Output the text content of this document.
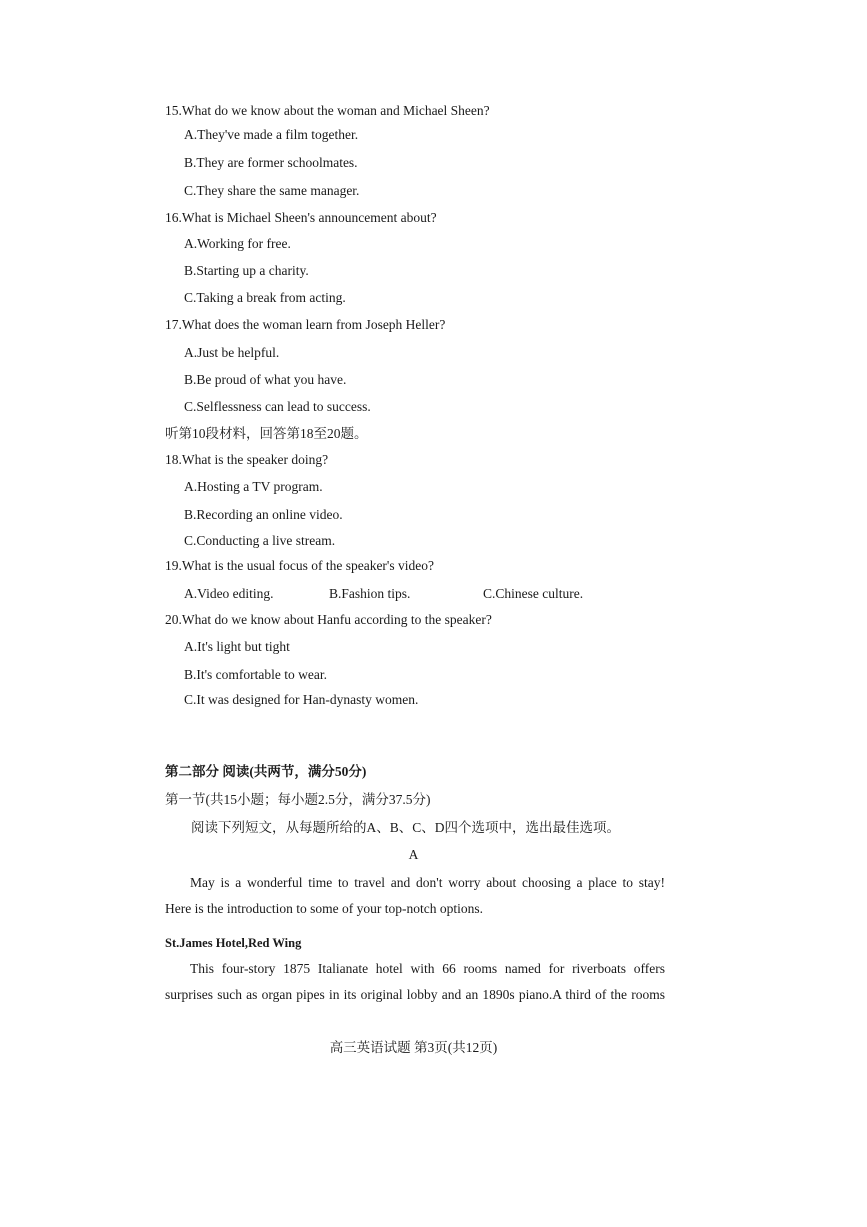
15.What do we know about the woman and Michael Sheen?
A.They've made a film together.
B.They are former schoolmates.
C.They share the same manager.
16.What is Michael Sheen's announcement about?
A.Working for free.
B.Starting up a charity.
C.Taking a break from acting.
17.What does the woman learn from Joseph Heller?
A.Just be helpful.
B.Be proud of what you have.
C.Selflessness can lead to success.
听第10段材料，回答第18至20题。
18.What is the speaker doing?
A.Hosting a TV program.
B.Recording an online video.
C.Conducting a live stream.
19.What is the usual focus of the speaker's video?
A.Video editing.	B.Fashion tips.	C.Chinese culture.
20.What do we know about Hanfu according to the speaker?
A.It's light but tight
B.It's comfortable to wear.
C.It was designed for Han-dynasty women.
第二部分 阅读(共两节，满分50分)
第一节(共15小题；每小题2.5分，满分37.5分)
阅读下列短文，从每题所给的A、B、C、D四个选项中，选出最佳选项。
A

May is a wonderful time to travel and don't worry about choosing a place to stay!

Here is the introduction to some of your top-notch options.

St.James Hotel,Red Wing

This four-story 1875 Italianate hotel with 66 rooms named for riverboats offers

surprises such as organ pipes in its original lobby and an 1890s piano.A third of the rooms

高三英语试题 第3页(共12页)
